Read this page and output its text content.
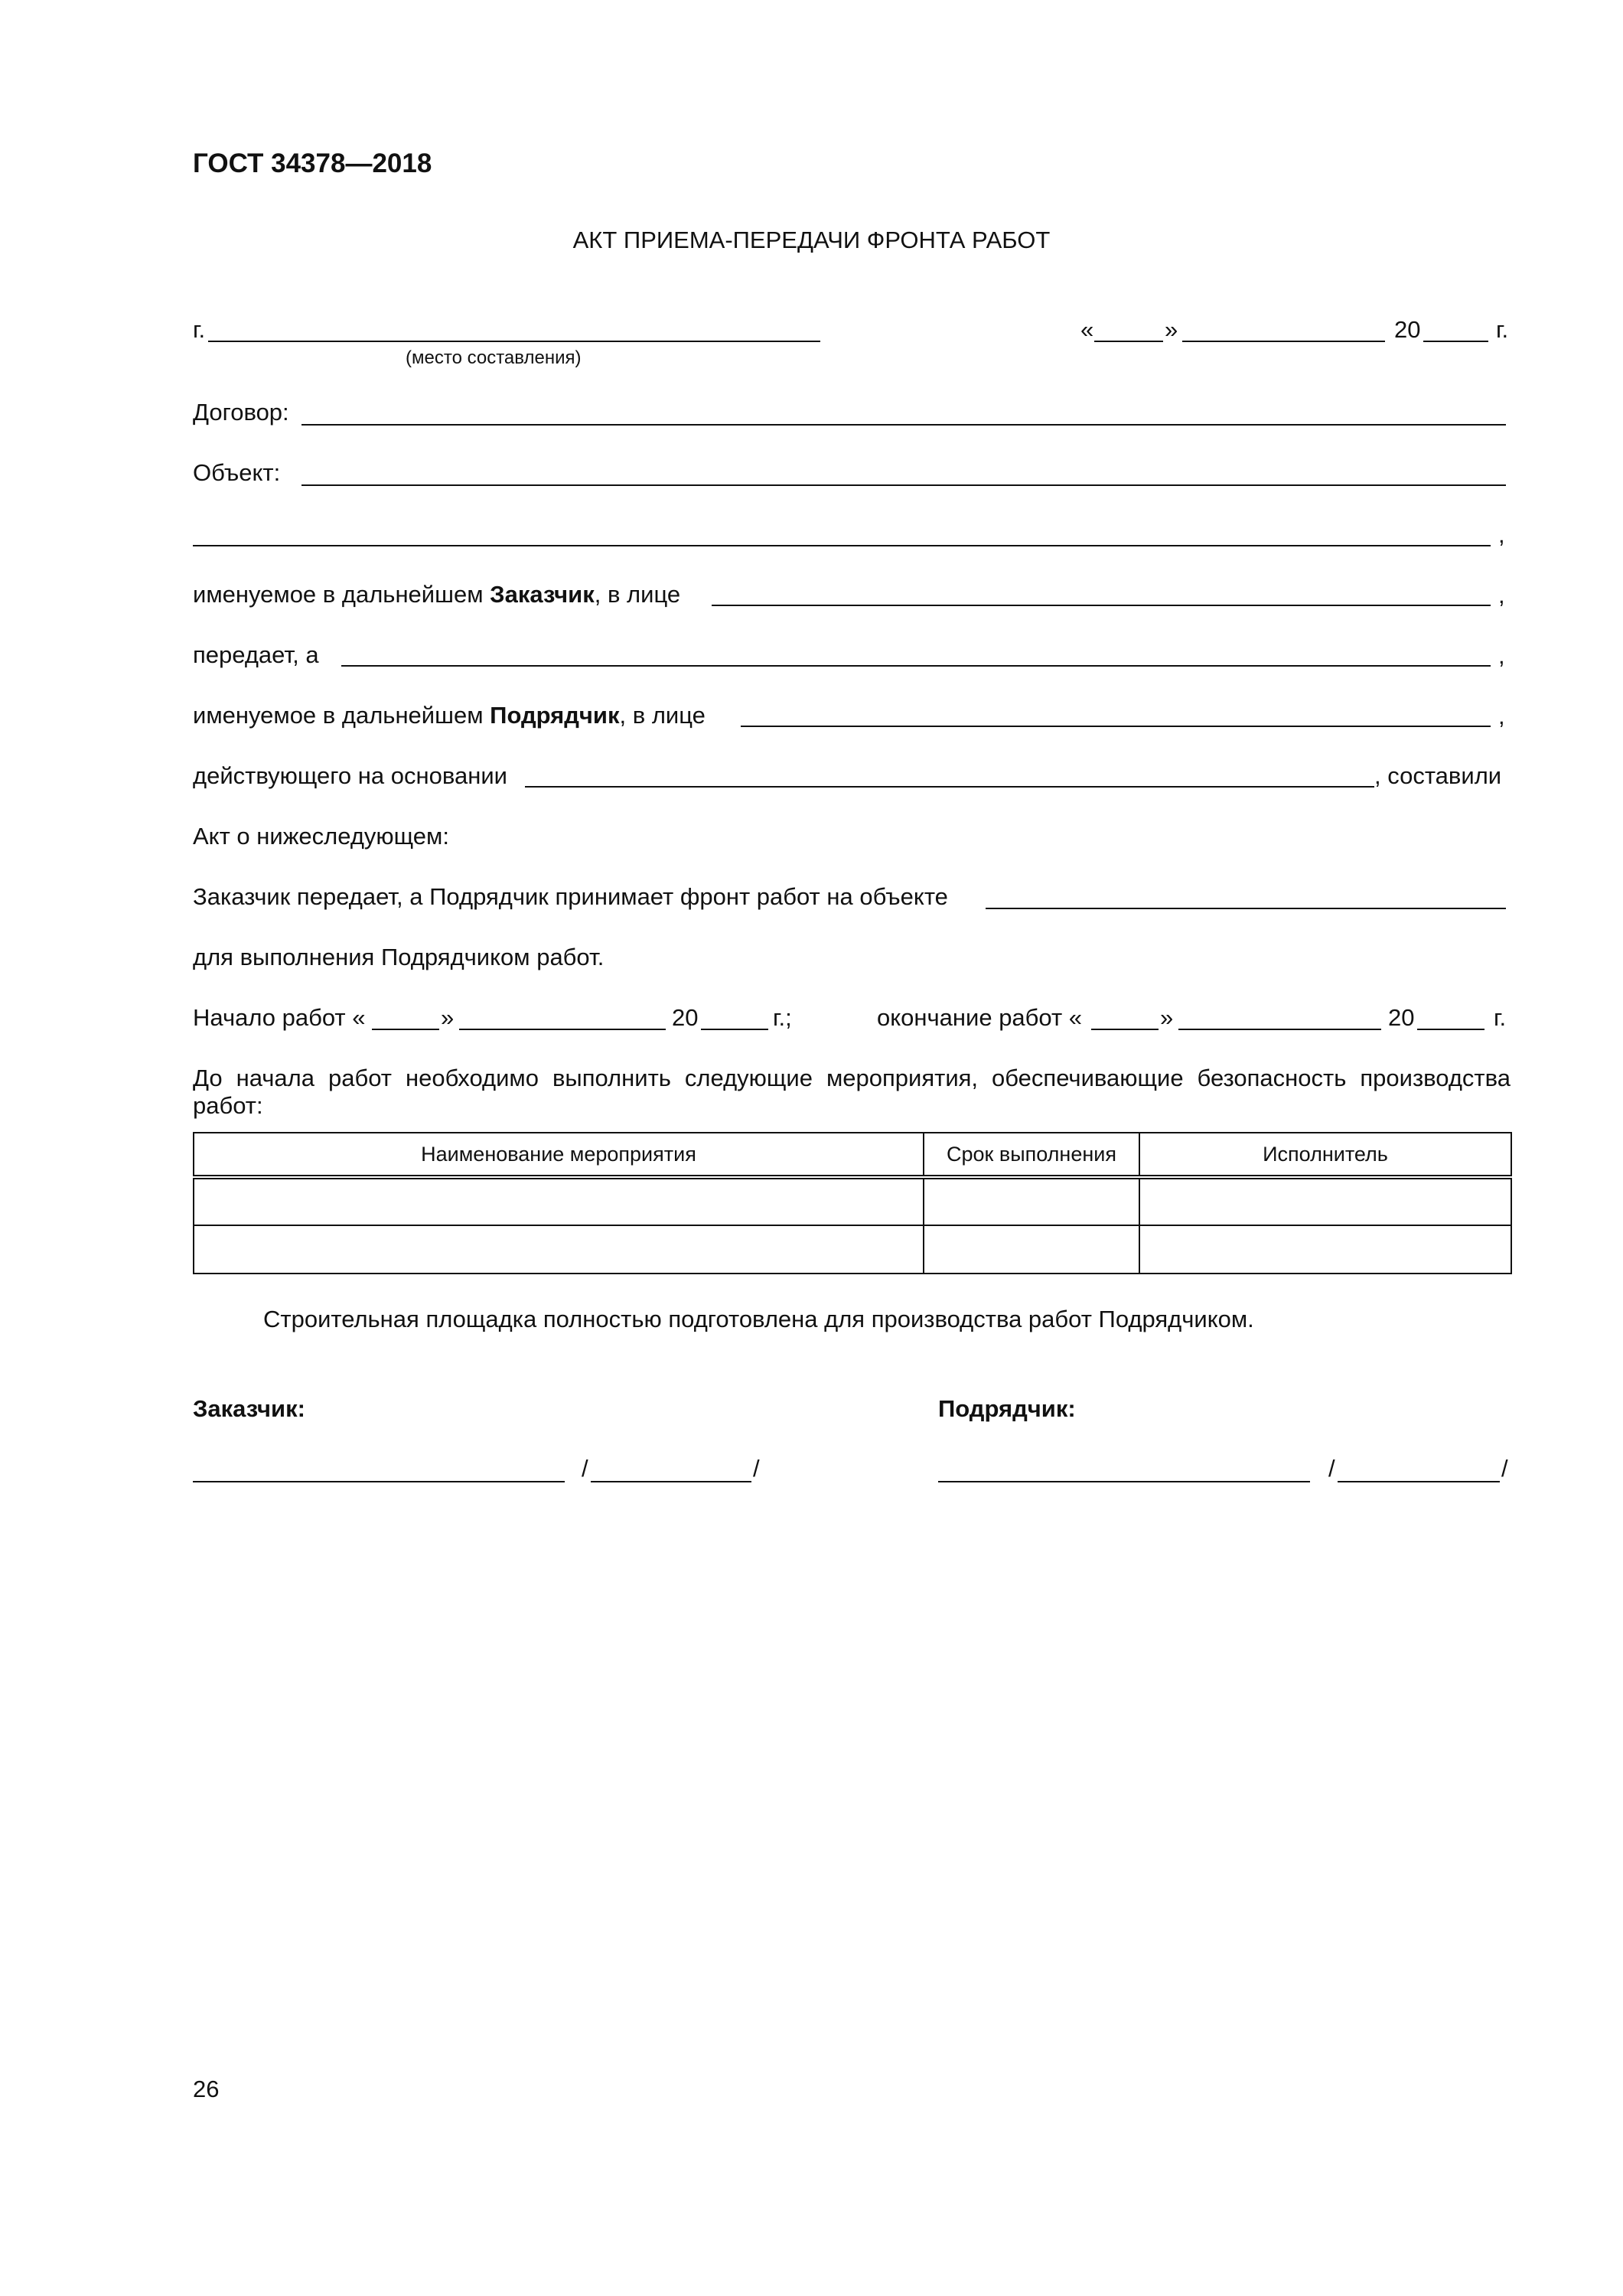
ГОСТ 34378—2018
АКТ ПРИЕМА-ПЕРЕДАЧИ ФРОНТА РАБОТ
г.
(место составления)
«	»	20	г.
Договор:
Объект:
,
именуемое в дальнейшем Заказчик, в лице	,
передает, а	,
именуемое в дальнейшем Подрядчик, в лице	,
действующего на основании	, составили
Акт о нижеследующем:
Заказчик передает, а Подрядчик принимает фронт работ на объекте
для выполнения Подрядчиком работ.
Начало работ «	»	20	г.;	окончание работ «	»	20	г.
До начала работ необходимо выполнить следующие мероприятия, обеспечивающие безопасность производства
работ:
Наименование мероприятия	Срок выполнения	Исполнитель

Строительная площадка полностью подготовлена для производства работ Подрядчиком.
Заказчик:	Подрядчик:
/	/	/	/
26
